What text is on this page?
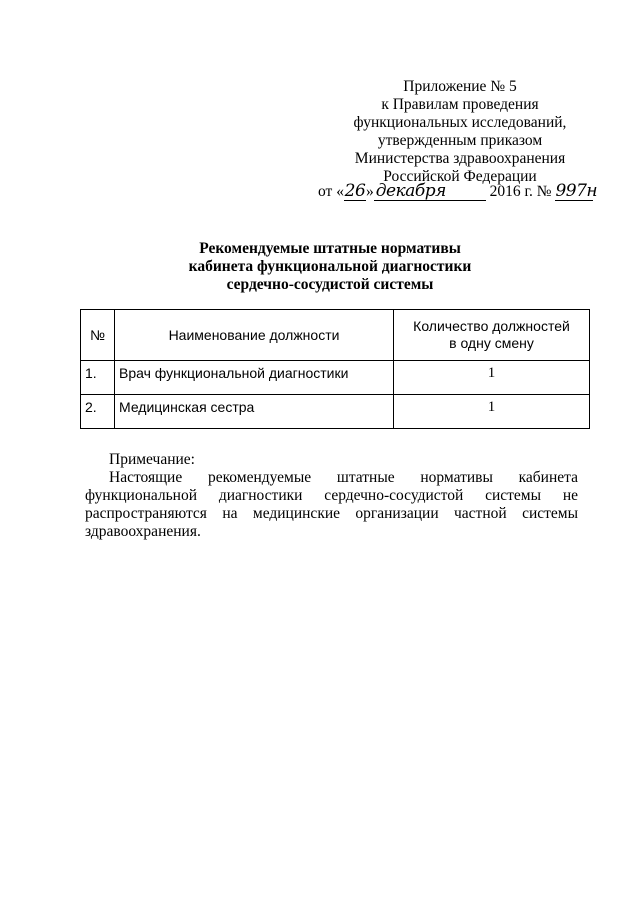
Приложение № 5
к Правилам проведения
функциональных исследований,
утвержденным приказом
Министерства здравоохранения
Российской Федерации
от «26» декабря	2016 г. № 997н
Рекомендуемые штатные нормативы
кабинета функциональной диагностики
сердечно-сосудистой системы
№	Наименование должности	Количество должностей
в одну смену

1.	Врач функциональной диагностики	1
2.	Медицинская сестра	1
Примечание:
Настоящие рекомендуемые штатные нормативы кабинета функциональной диагностики сердечно-сосудистой системы не распространяются на медицинские организации частной системы здравоохранения.
